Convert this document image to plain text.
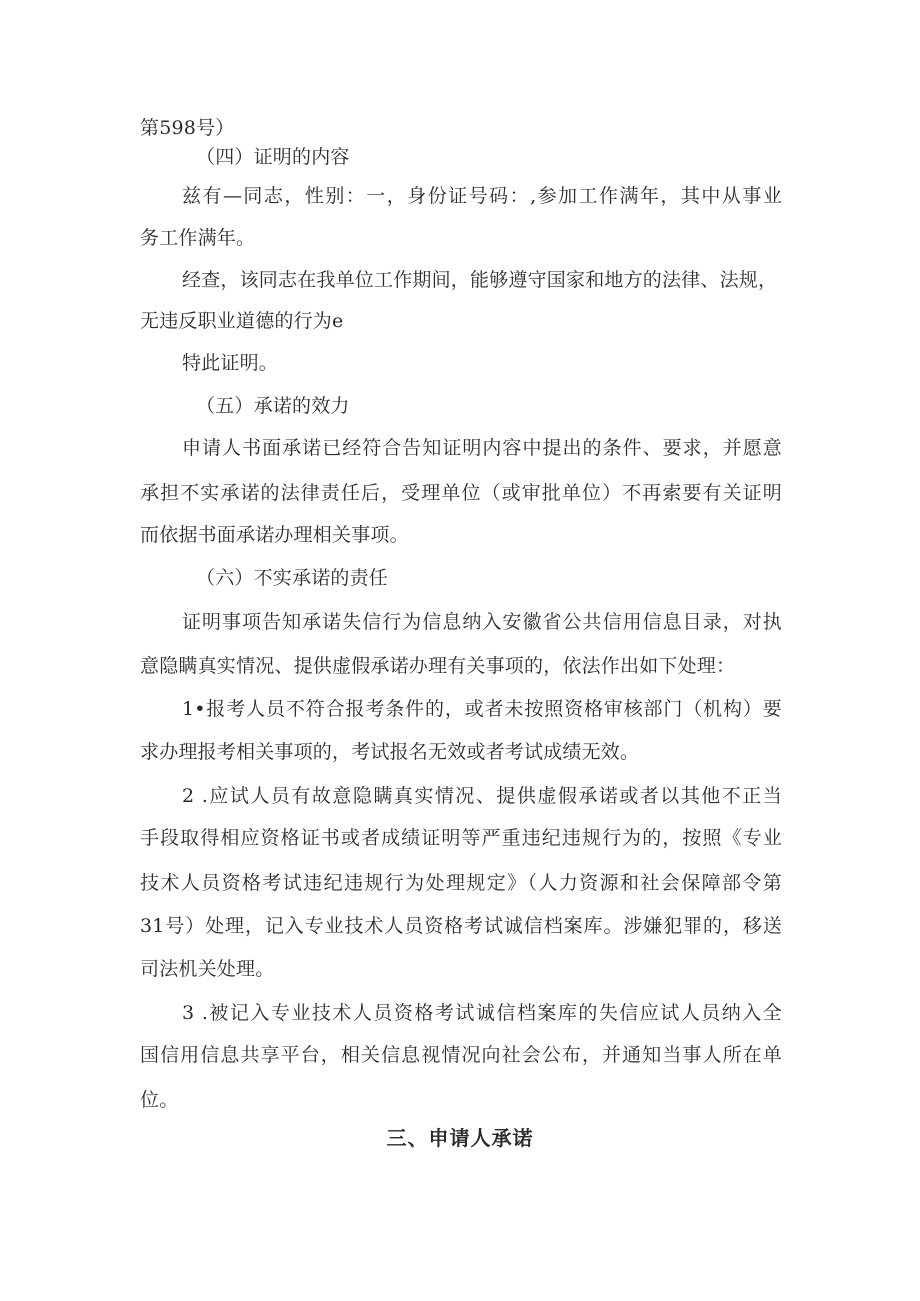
第598号）
（四）证明的内容
兹有—同志，性别：一，身份证号码：,参加工作满年，其中从事业
务工作满年。
经查，该同志在我单位工作期间，能够遵守国家和地方的法律、法规，
无违反职业道德的行为e
特此证明。
（五）承诺的效力
申请人书面承诺已经符合告知证明内容中提出的条件、要求，并愿意
承担不实承诺的法律责任后，受理单位（或审批单位）不再索要有关证明
而依据书面承诺办理相关事项。
（六）不实承诺的责任
证明事项告知承诺失信行为信息纳入安徽省公共信用信息目录，对执
意隐瞒真实情况、提供虚假承诺办理有关事项的，依法作出如下处理：
1•报考人员不符合报考条件的，或者未按照资格审核部门（机构）要
求办理报考相关事项的，考试报名无效或者考试成绩无效。
2 .应试人员有故意隐瞒真实情况、提供虚假承诺或者以其他不正当
手段取得相应资格证书或者成绩证明等严重违纪违规行为的，按照《专业
技术人员资格考试违纪违规行为处理规定》（人力资源和社会保障部令第
31号）处理，记入专业技术人员资格考试诚信档案库。涉嫌犯罪的，移送
司法机关处理。
3 .被记入专业技术人员资格考试诚信档案库的失信应试人员纳入全
国信用信息共享平台，相关信息视情况向社会公布，并通知当事人所在单
位。
三、申请人承诺
